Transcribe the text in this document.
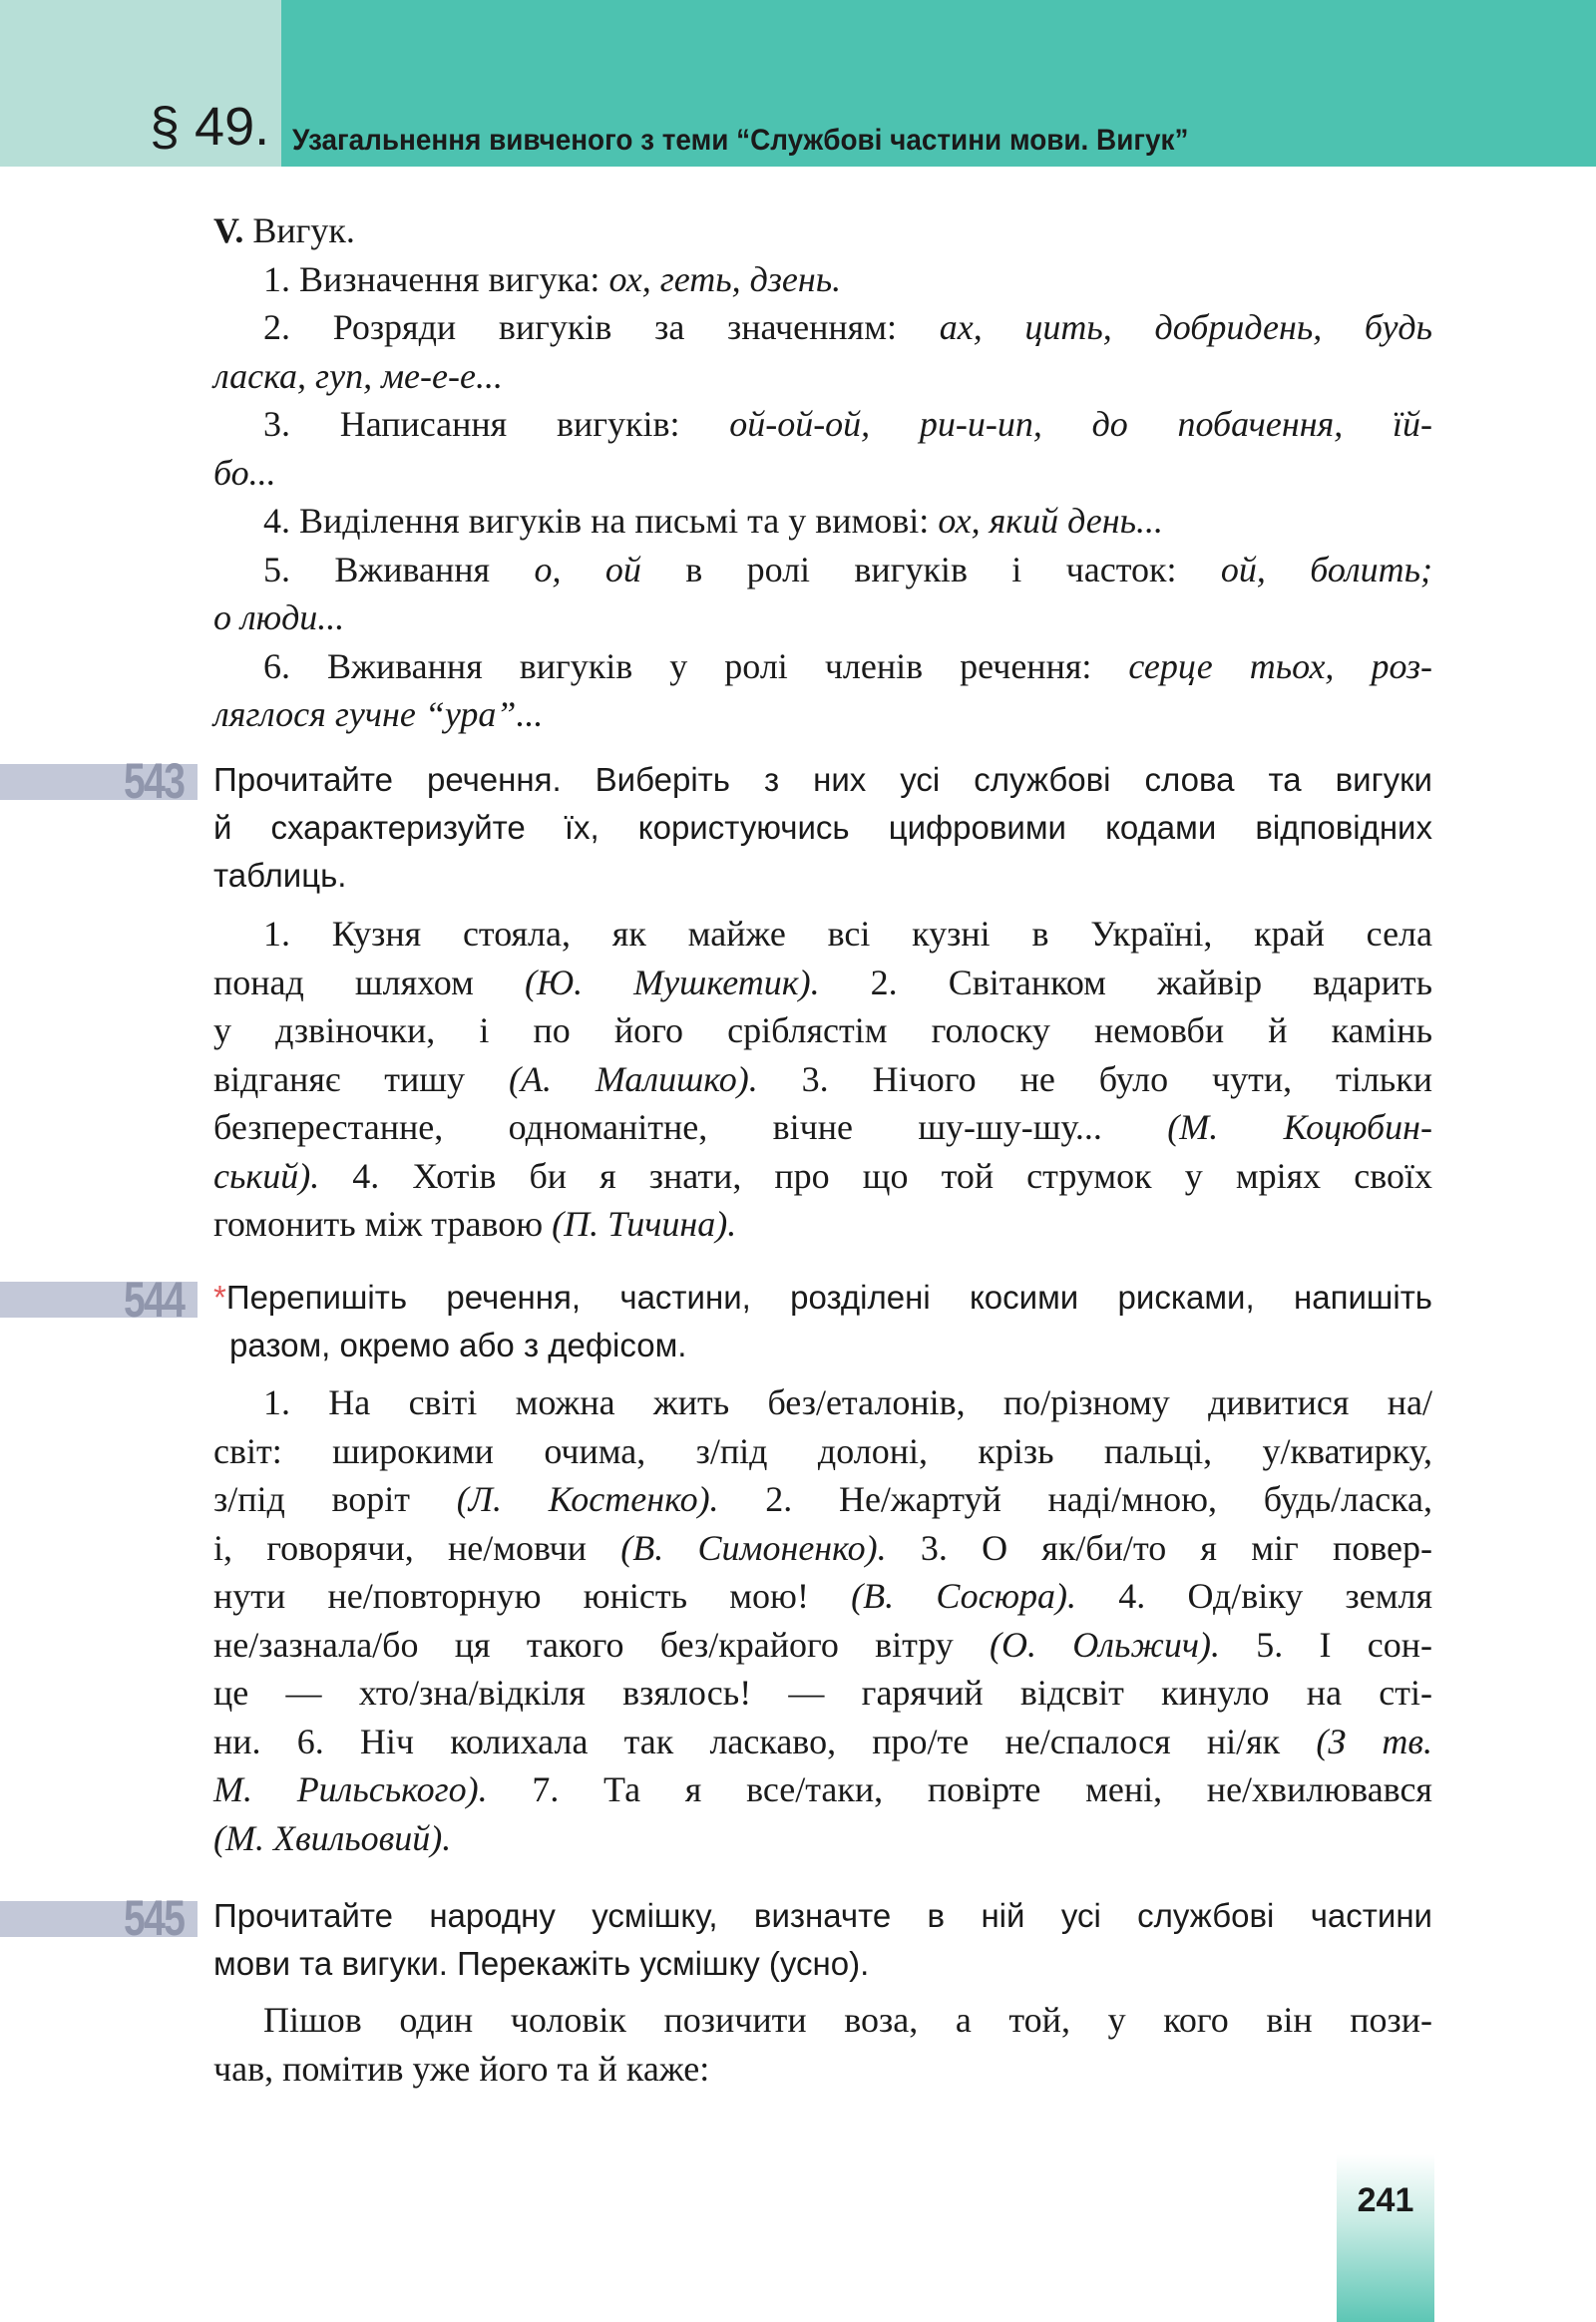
§ 49. Узагальнення вивченого з теми “Службові частини мови. Вигук”
V. Вигук.
1. Визначення вигука: ох, геть, дзень.
2. Розряди вигуків за значенням: ах, цить, добридень, будь
ласка, гуп, ме-е-е...
3. Написання вигуків: ой-ой-ой, ри-и-ип, до побачення, їй-
бо...
4. Виділення вигуків на письмі та у вимові: ох, який день...
5. Вживання о, ой в ролі вигуків і часток: ой, болить;
о люди...
6. Вживання вигуків у ролі членів речення: серце тьох, роз-
ляглося гучне “ура”...
543 Прочитайте речення. Виберіть з них усі службові слова та вигуки
й схарактеризуйте їх, користуючись цифровими кодами відповідних
таблиць.
1. Кузня стояла, як майже всі кузні в Україні, край села
понад шляхом (Ю. Мушкетик). 2. Світанком жайвір вдарить
у дзвіночки, і по його сріблястім голоску немовби й камінь
відганяє тишу (А. Малишко). 3. Нічого не було чути, тільки
безперестанне, одноманітне, вічне шу-шу-шу... (М. Коцюбин-
ський). 4. Хотів би я знати, про що той струмок у мріях своїх
гомонить між травою (П. Тичина).
544 *Перепишіть речення, частини, розділені косими рисками, напишіть
разом, окремо або з дефісом.
1. На світі можна жить без/еталонів, по/різному дивитися на/
світ: широкими очима, з/під долоні, крізь пальці, у/кватирку,
з/під воріт (Л. Костенко). 2. Не/жартуй наді/мною, будь/ласка,
і, говорячи, не/мовчи (В. Симоненко). 3. О як/би/то я міг повер-
нути не/повторную юність мою! (В. Сосюра). 4. Од/віку земля
не/зазнала/бо ця такого без/крайого вітру (О. Ольжич). 5. І сон-
це — хто/зна/відкіля взялось! — гарячий відсвіт кинуло на сті-
ни. 6. Ніч колихала так ласкаво, про/те не/спалося ні/як (З тв.
М. Рильського). 7. Та я все/таки, повірте мені, не/хвилювався
(М. Хвильовий).
545 Прочитайте народну усмішку, визначте в ній усі службові частини
мови та вигуки. Перекажіть усмішку (усно).
Пішов один чоловік позичити воза, а той, у кого він пози-
чав, помітив уже його та й каже:
241
